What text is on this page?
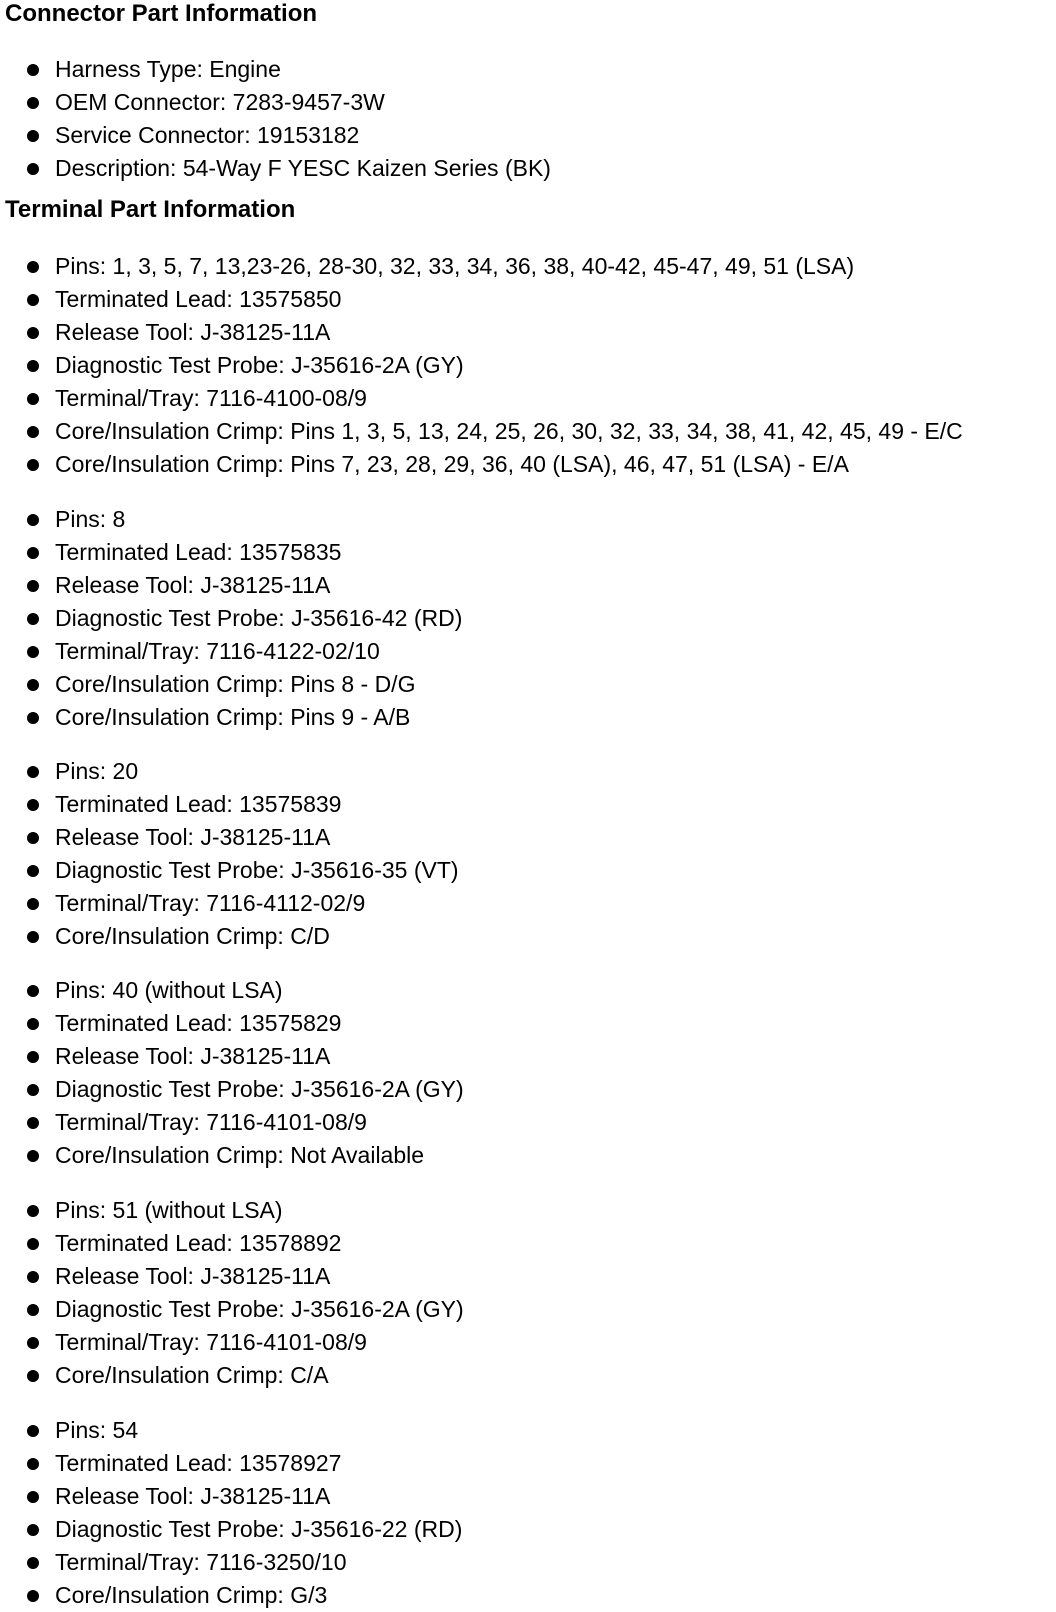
Connector Part Information
Harness Type: Engine
OEM Connector: 7283-9457-3W
Service Connector: 19153182
Description: 54-Way F YESC Kaizen Series (BK)
Terminal Part Information
Pins: 1, 3, 5, 7, 13,23-26, 28-30, 32, 33, 34, 36, 38, 40-42, 45-47, 49, 51 (LSA)
Terminated Lead: 13575850
Release Tool: J-38125-11A
Diagnostic Test Probe: J-35616-2A (GY)
Terminal/Tray: 7116-4100-08/9
Core/Insulation Crimp: Pins 1, 3, 5, 13, 24, 25, 26, 30, 32, 33, 34, 38, 41, 42, 45, 49 - E/C
Core/Insulation Crimp: Pins 7, 23, 28, 29, 36, 40 (LSA), 46, 47, 51 (LSA) - E/A
Pins: 8
Terminated Lead: 13575835
Release Tool: J-38125-11A
Diagnostic Test Probe: J-35616-42 (RD)
Terminal/Tray: 7116-4122-02/10
Core/Insulation Crimp: Pins 8 - D/G
Core/Insulation Crimp: Pins 9 - A/B
Pins: 20
Terminated Lead: 13575839
Release Tool: J-38125-11A
Diagnostic Test Probe: J-35616-35 (VT)
Terminal/Tray: 7116-4112-02/9
Core/Insulation Crimp: C/D
Pins: 40 (without LSA)
Terminated Lead: 13575829
Release Tool: J-38125-11A
Diagnostic Test Probe: J-35616-2A (GY)
Terminal/Tray: 7116-4101-08/9
Core/Insulation Crimp: Not Available
Pins: 51 (without LSA)
Terminated Lead: 13578892
Release Tool: J-38125-11A
Diagnostic Test Probe: J-35616-2A (GY)
Terminal/Tray: 7116-4101-08/9
Core/Insulation Crimp: C/A
Pins: 54
Terminated Lead: 13578927
Release Tool: J-38125-11A
Diagnostic Test Probe: J-35616-22 (RD)
Terminal/Tray: 7116-3250/10
Core/Insulation Crimp: G/3
